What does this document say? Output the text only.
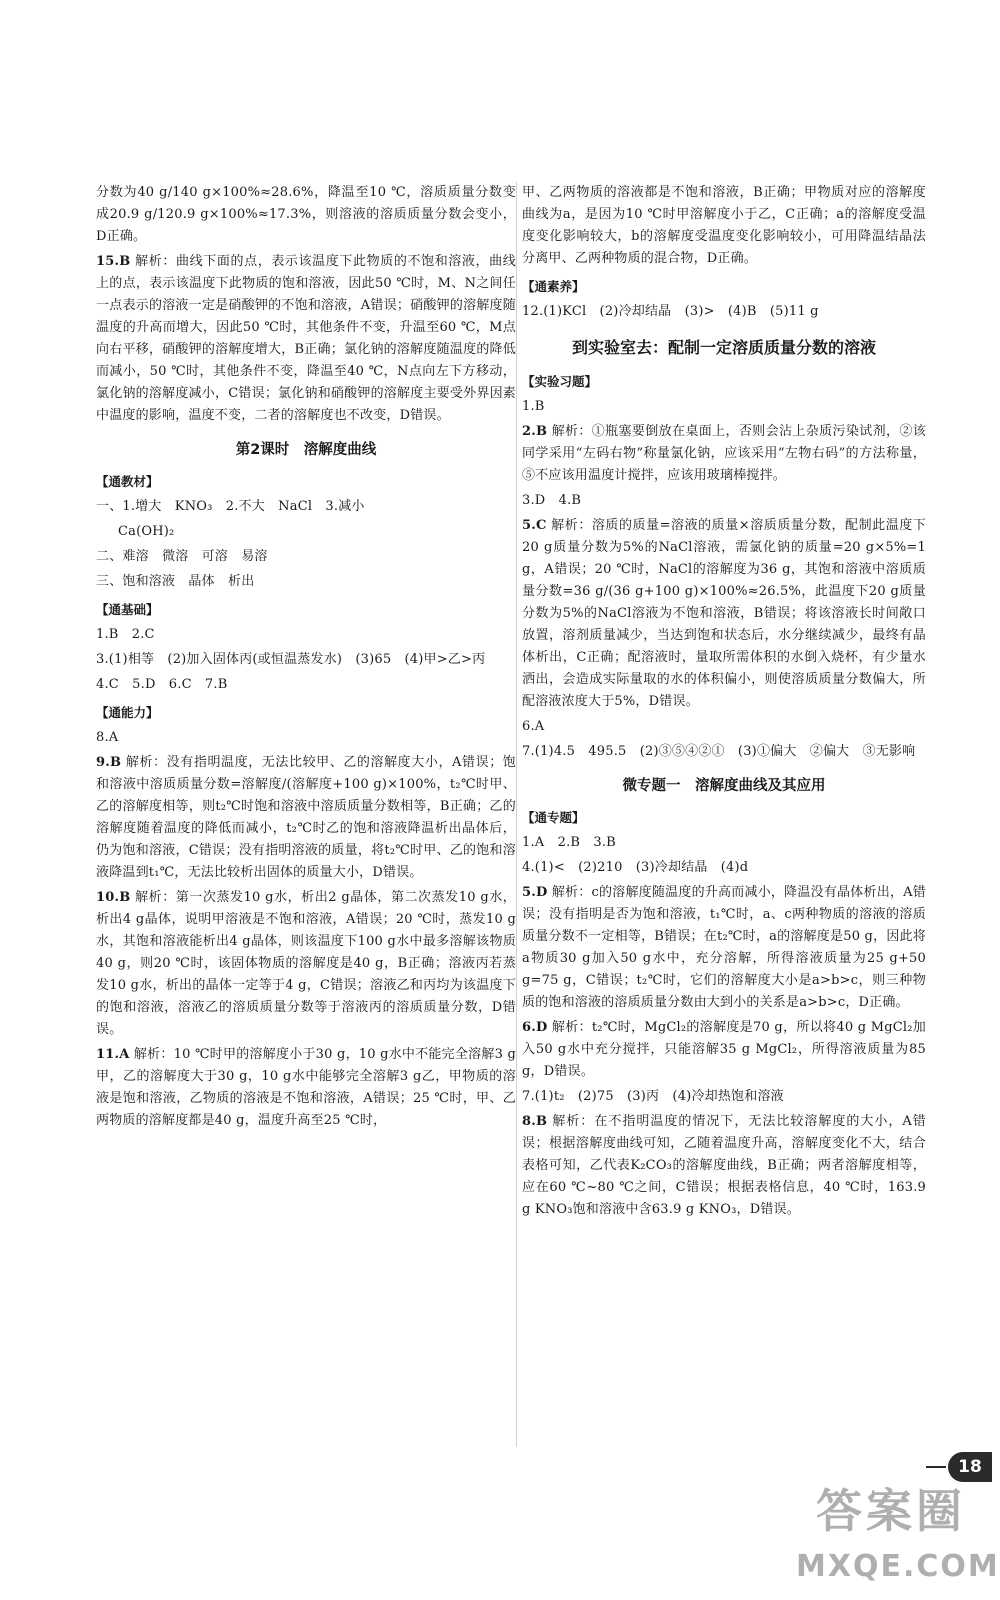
分数为40 g/140 g×100%≈28.6%，降温至10 ℃，溶质质量分数变成20.9 g/120.9 g×100%≈17.3%，则溶液的溶质质量分数会变小，D正确。

15.B 解析：曲线下面的点，表示该温度下此物质的不饱和溶液，曲线上的点，表示该温度下此物质的饱和溶液，因此50 ℃时，M、N之间任一点表示的溶液一定是硝酸钾的不饱和溶液，A错误；硝酸钾的溶解度随温度的升高而增大，因此50 ℃时，其他条件不变，升温至60 ℃，M点向右平移，硝酸钾的溶解度增大，B正确；氯化钠的溶解度随温度的降低而减小，50 ℃时，其他条件不变，降温至40 ℃，N点向左下方移动，氯化钠的溶解度减小，C错误；氯化钠和硝酸钾的溶解度主要受外界因素中温度的影响，温度不变，二者的溶解度也不改变，D错误。

第2课时　溶解度曲线
【通教材】

一、1.增大　KNO₃　2.不大　NaCl　3.减小

Ca(OH)₂

二、难溶　微溶　可溶　易溶

三、饱和溶液　晶体　析出

【通基础】

1.B　2.C

3.(1)相等　(2)加入固体丙(或恒温蒸发水)　(3)65　(4)甲>乙>丙

4.C　5.D　6.C　7.B

【通能力】

8.A

9.B 解析：没有指明温度，无法比较甲、乙的溶解度大小，A错误；饱和溶液中溶质质量分数=溶解度/(溶解度+100 g)×100%，t₂℃时甲、乙的溶解度相等，则t₂℃时饱和溶液中溶质质量分数相等，B正确；乙的溶解度随着温度的降低而减小，t₂℃时乙的饱和溶液降温析出晶体后，仍为饱和溶液，C错误；没有指明溶液的质量，将t₂℃时甲、乙的饱和溶液降温到t₁℃，无法比较析出固体的质量大小，D错误。

10.B 解析：第一次蒸发10 g水，析出2 g晶体，第二次蒸发10 g水，析出4 g晶体，说明甲溶液是不饱和溶液，A错误；20 ℃时，蒸发10 g水，其饱和溶液能析出4 g晶体，则该温度下100 g水中最多溶解该物质40 g，则20 ℃时，该固体物质的溶解度是40 g，B正确；溶液丙若蒸发10 g水，析出的晶体一定等于4 g，C错误；溶液乙和丙均为该温度下的饱和溶液，溶液乙的溶质质量分数等于溶液丙的溶质质量分数，D错误。

11.A 解析：10 ℃时甲的溶解度小于30 g，10 g水中不能完全溶解3 g甲，乙的溶解度大于30 g，10 g水中能够完全溶解3 g乙，甲物质的溶液是饱和溶液，乙物质的溶液是不饱和溶液，A错误；25 ℃时，甲、乙两物质的溶解度都是40 g，温度升高至25 ℃时，

甲、乙两物质的溶液都是不饱和溶液，B正确；甲物质对应的溶解度曲线为a，是因为10 ℃时甲溶解度小于乙，C正确；a的溶解度受温度变化影响较大，b的溶解度受温度变化影响较小，可用降温结晶法分离甲、乙两种物质的混合物，D正确。

【通素养】

12.(1)KCl　(2)冷却结晶　(3)>　(4)B　(5)11 g

到实验室去：配制一定溶质质量分数的溶液
【实验习题】

1.B

2.B 解析：①瓶塞要倒放在桌面上，否则会沾上杂质污染试剂，②该同学采用“左码右物”称量氯化钠，应该采用“左物右码”的方法称量，⑤不应该用温度计搅拌，应该用玻璃棒搅拌。

3.D　4.B

5.C 解析：溶质的质量=溶液的质量×溶质质量分数，配制此温度下20 g质量分数为5%的NaCl溶液，需氯化钠的质量=20 g×5%=1 g，A错误；20 ℃时，NaCl的溶解度为36 g，其饱和溶液中溶质质量分数=36 g/(36 g+100 g)×100%≈26.5%，此温度下20 g质量分数为5%的NaCl溶液为不饱和溶液，B错误；将该溶液长时间敞口放置，溶剂质量减少，当达到饱和状态后，水分继续减少，最终有晶体析出，C正确；配溶液时，量取所需体积的水倒入烧杯，有少量水洒出，会造成实际量取的水的体积偏小，则使溶质质量分数偏大，所配溶液浓度大于5%，D错误。

6.A

7.(1)4.5　495.5　(2)③⑤④②①　(3)①偏大　②偏大　③无影响

微专题一　溶解度曲线及其应用
【通专题】

1.A　2.B　3.B

4.(1)<　(2)210　(3)冷却结晶　(4)d

5.D 解析：c的溶解度随温度的升高而减小，降温没有晶体析出，A错误；没有指明是否为饱和溶液，t₁℃时，a、c两种物质的溶液的溶质质量分数不一定相等，B错误；在t₂℃时，a的溶解度是50 g，因此将a物质30 g加入50 g水中，充分溶解，所得溶液质量为25 g+50 g=75 g，C错误；t₂℃时，它们的溶解度大小是a>b>c，则三种物质的饱和溶液的溶质质量分数由大到小的关系是a>b>c，D正确。

6.D 解析：t₂℃时，MgCl₂的溶解度是70 g，所以将40 g MgCl₂加入50 g水中充分搅拌，只能溶解35 g MgCl₂，所得溶液质量为85 g，D错误。

7.(1)t₂　(2)75　(3)丙　(4)冷却热饱和溶液

8.B 解析：在不指明温度的情况下，无法比较溶解度的大小，A错误；根据溶解度曲线可知，乙随着温度升高，溶解度变化不大，结合表格可知，乙代表K₂CO₃的溶解度曲线，B正确；两者溶解度相等，应在60 ℃~80 ℃之间，C错误；根据表格信息，40 ℃时，163.9 g KNO₃饱和溶液中含63.9 g KNO₃，D错误。

18
答案圈
MXQE.COM
